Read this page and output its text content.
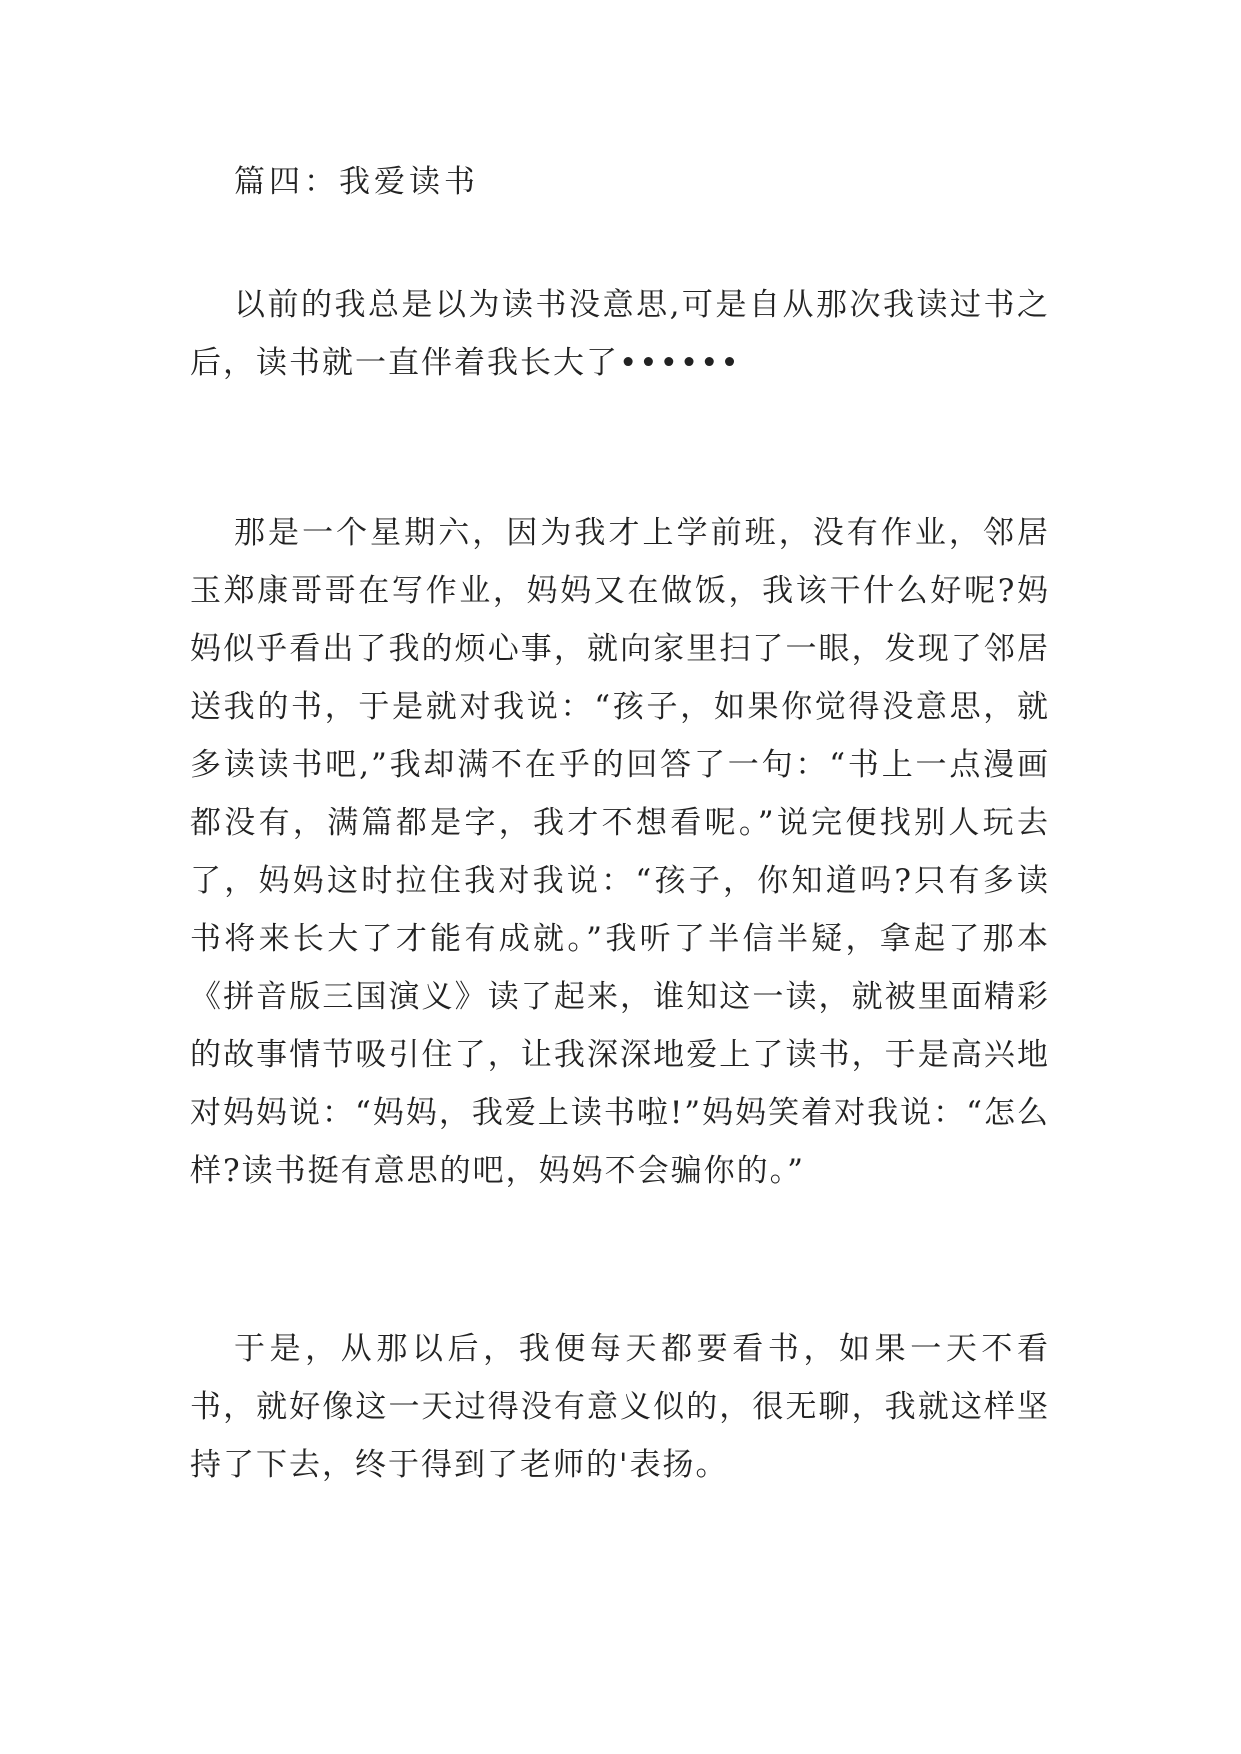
篇四：我爱读书

以前的我总是以为读书没意思,可是自从那次我读过书之后，读书就一直伴着我长大了••••••

那是一个星期六，因为我才上学前班，没有作业，邻居玉郑康哥哥在写作业，妈妈又在做饭，我该干什么好呢?妈妈似乎看出了我的烦心事，就向家里扫了一眼，发现了邻居送我的书，于是就对我说：“孩子，如果你觉得没意思，就多读读书吧,”我却满不在乎的回答了一句：“书上一点漫画都没有，满篇都是字，我才不想看呢。”说完便找别人玩去了，妈妈这时拉住我对我说：“孩子，你知道吗?只有多读书将来长大了才能有成就。”我听了半信半疑，拿起了那本《拼音版三国演义》读了起来，谁知这一读，就被里面精彩的故事情节吸引住了，让我深深地爱上了读书，于是高兴地对妈妈说：“妈妈，我爱上读书啦!”妈妈笑着对我说：“怎么样?读书挺有意思的吧，妈妈不会骗你的。”

于是，从那以后，我便每天都要看书，如果一天不看书，就好像这一天过得没有意义似的，很无聊，我就这样坚持了下去，终于得到了老师的'表扬。
